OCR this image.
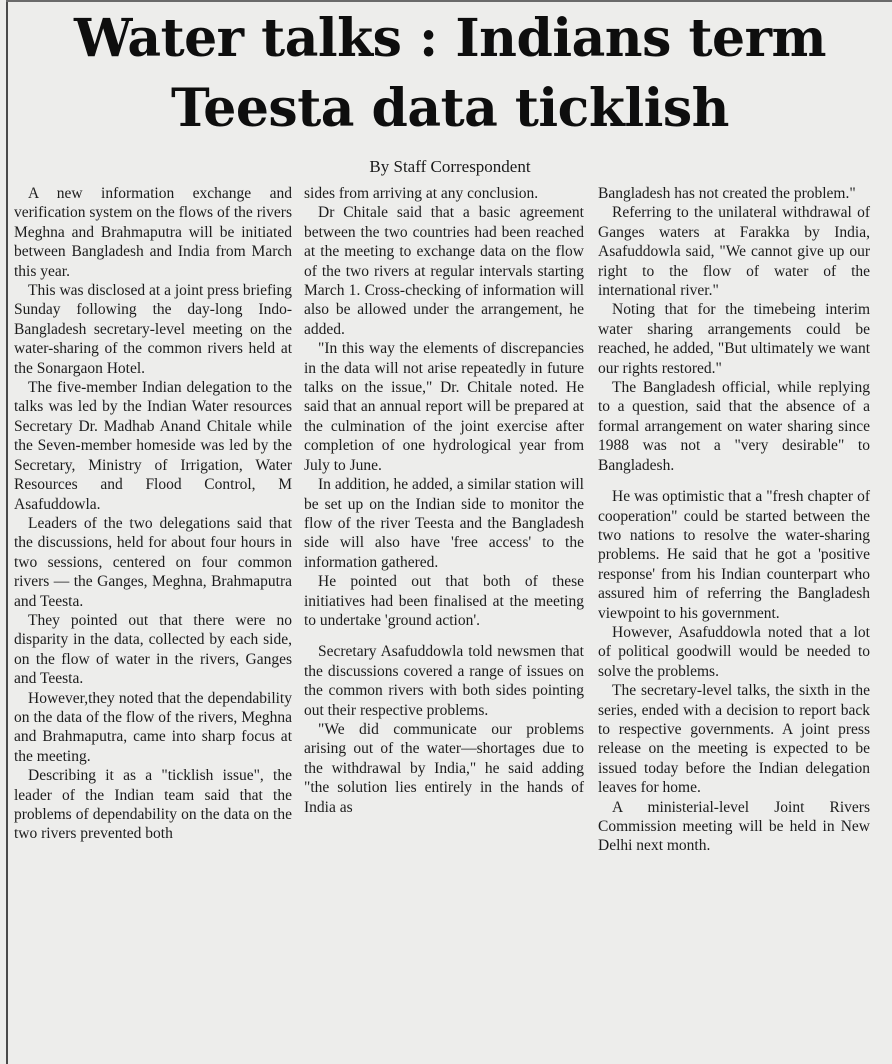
Water talks : Indians term
Teesta data ticklish
By Staff Correspondent

A new information exchange and verification system on the flows of the rivers Meghna and Brahmaputra will be initiated between Bangladesh and India from March this year.

This was disclosed at a joint press briefing Sunday following the day-long Indo-Bangladesh secretary-level meeting on the water-sharing of the common rivers held at the Sonargaon Hotel.

The five-member Indian delegation to the talks was led by the Indian Water resources Secretary Dr. Madhab Anand Chitale while the Seven-member homeside was led by the Secretary, Ministry of Irrigation, Water Resources and Flood Control, M Asafuddowla.

Leaders of the two delegations said that the discussions, held for about four hours in two sessions, centered on four common rivers — the Ganges, Meghna, Brahmaputra and Teesta.

They pointed out that there were no disparity in the data, collected by each side, on the flow of water in the rivers, Ganges and Teesta.

However,they noted that the dependability on the data of the flow of the rivers, Meghna and Brahmaputra, came into sharp focus at the meeting.

Describing it as a "ticklish issue", the leader of the Indian team said that the problems of dependability on the data on the two rivers prevented both

sides from arriving at any conclusion.

Dr Chitale said that a basic agreement between the two countries had been reached at the meeting to exchange data on the flow of the two rivers at regular intervals starting March 1. Cross-checking of information will also be allowed under the arrangement, he added.

"In this way the elements of discrepancies in the data will not arise repeatedly in future talks on the issue," Dr. Chitale noted. He said that an annual report will be prepared at the culmination of the joint exercise after completion of one hydrological year from July to June.

In addition, he added, a similar station will be set up on the Indian side to monitor the flow of the river Teesta and the Bangladesh side will also have 'free access' to the information gathered.

He pointed out that both of these initiatives had been finalised at the meeting to undertake 'ground action'.

Secretary Asafuddowla told newsmen that the discussions covered a range of issues on the common rivers with both sides pointing out their respective problems.

"We did communicate our problems arising out of the water—shortages due to the withdrawal by India," he said adding "the solution lies entirely in the hands of India as

Bangladesh has not created the problem."

Referring to the unilateral withdrawal of Ganges waters at Farakka by India, Asafuddowla said, "We cannot give up our right to the flow of water of the international river."

Noting that for the timebeing interim water sharing arrangements could be reached, he added, "But ultimately we want our rights restored."

The Bangladesh official, while replying to a question, said that the absence of a formal arrangement on water sharing since 1988 was not a "very desirable" to Bangladesh.

He was optimistic that a "fresh chapter of cooperation" could be started between the two nations to resolve the water-sharing problems. He said that he got a 'positive response' from his Indian counterpart who assured him of referring the Bangladesh viewpoint to his government.

However, Asafuddowla noted that a lot of political goodwill would be needed to solve the problems.

The secretary-level talks, the sixth in the series, ended with a decision to report back to respective governments. A joint press release on the meeting is expected to be issued today before the Indian delegation leaves for home.

A ministerial-level Joint Rivers Commission meeting will be held in New Delhi next month.
